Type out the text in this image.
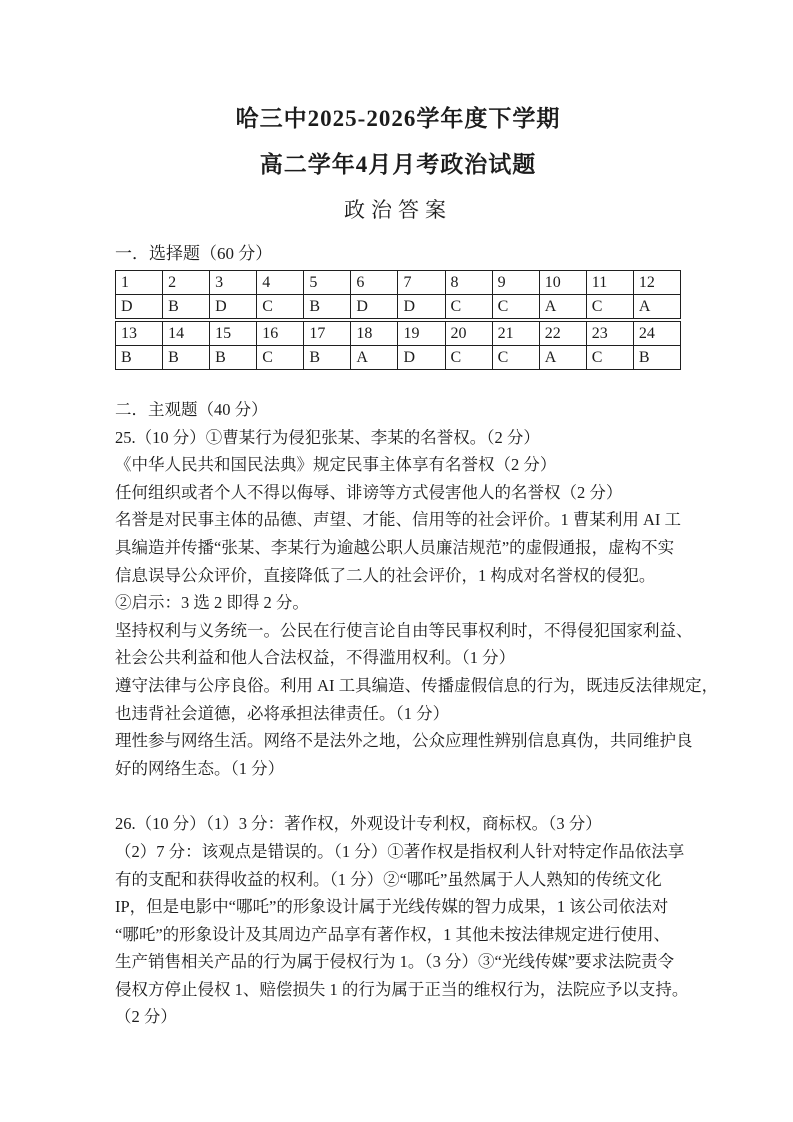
哈三中2025-2026学年度下学期
高二学年4月月考政治试题
政治答案
一．选择题（60 分）
1	2	3	4	5	6	7	8	9	10	11	12
D	B	D	C	B	D	D	C	C	A	C	A
13	14	15	16	17	18	19	20	21	22	23	24
B	B	B	C	B	A	D	C	C	A	C	B
二．主观题（40 分）
25.（10 分）①曹某行为侵犯张某、李某的名誉权。（2 分）
《中华人民共和国民法典》规定民事主体享有名誉权（2 分）
任何组织或者个人不得以侮辱、诽谤等方式侵害他人的名誉权（2 分）
名誉是对民事主体的品德、声望、才能、信用等的社会评价。1 曹某利用 AI 工
具编造并传播“张某、李某行为逾越公职人员廉洁规范”的虚假通报，虚构不实
信息误导公众评价，直接降低了二人的社会评价，1 构成对名誉权的侵犯。
②启示：3 选 2 即得 2 分。
坚持权利与义务统一。公民在行使言论自由等民事权利时，不得侵犯国家利益、
社会公共利益和他人合法权益，不得滥用权利。（1 分）
遵守法律与公序良俗。利用 AI 工具编造、传播虚假信息的行为，既违反法律规定，
也违背社会道德，必将承担法律责任。（1 分）
理性参与网络生活。网络不是法外之地，公众应理性辨别信息真伪，共同维护良
好的网络生态。（1 分）
26.（10 分）（1）3 分：著作权，外观设计专利权，商标权。（3 分）
（2）7 分：该观点是错误的。（1 分）①著作权是指权利人针对特定作品依法享
有的支配和获得收益的权利。（1 分）②“哪吒”虽然属于人人熟知的传统文化
IP，但是电影中“哪吒”的形象设计属于光线传媒的智力成果，1 该公司依法对
“哪吒”的形象设计及其周边产品享有著作权，1 其他未按法律规定进行使用、
生产销售相关产品的行为属于侵权行为 1。（3 分）③“光线传媒”要求法院责令
侵权方停止侵权 1、赔偿损失 1 的行为属于正当的维权行为，法院应予以支持。
（2 分）
